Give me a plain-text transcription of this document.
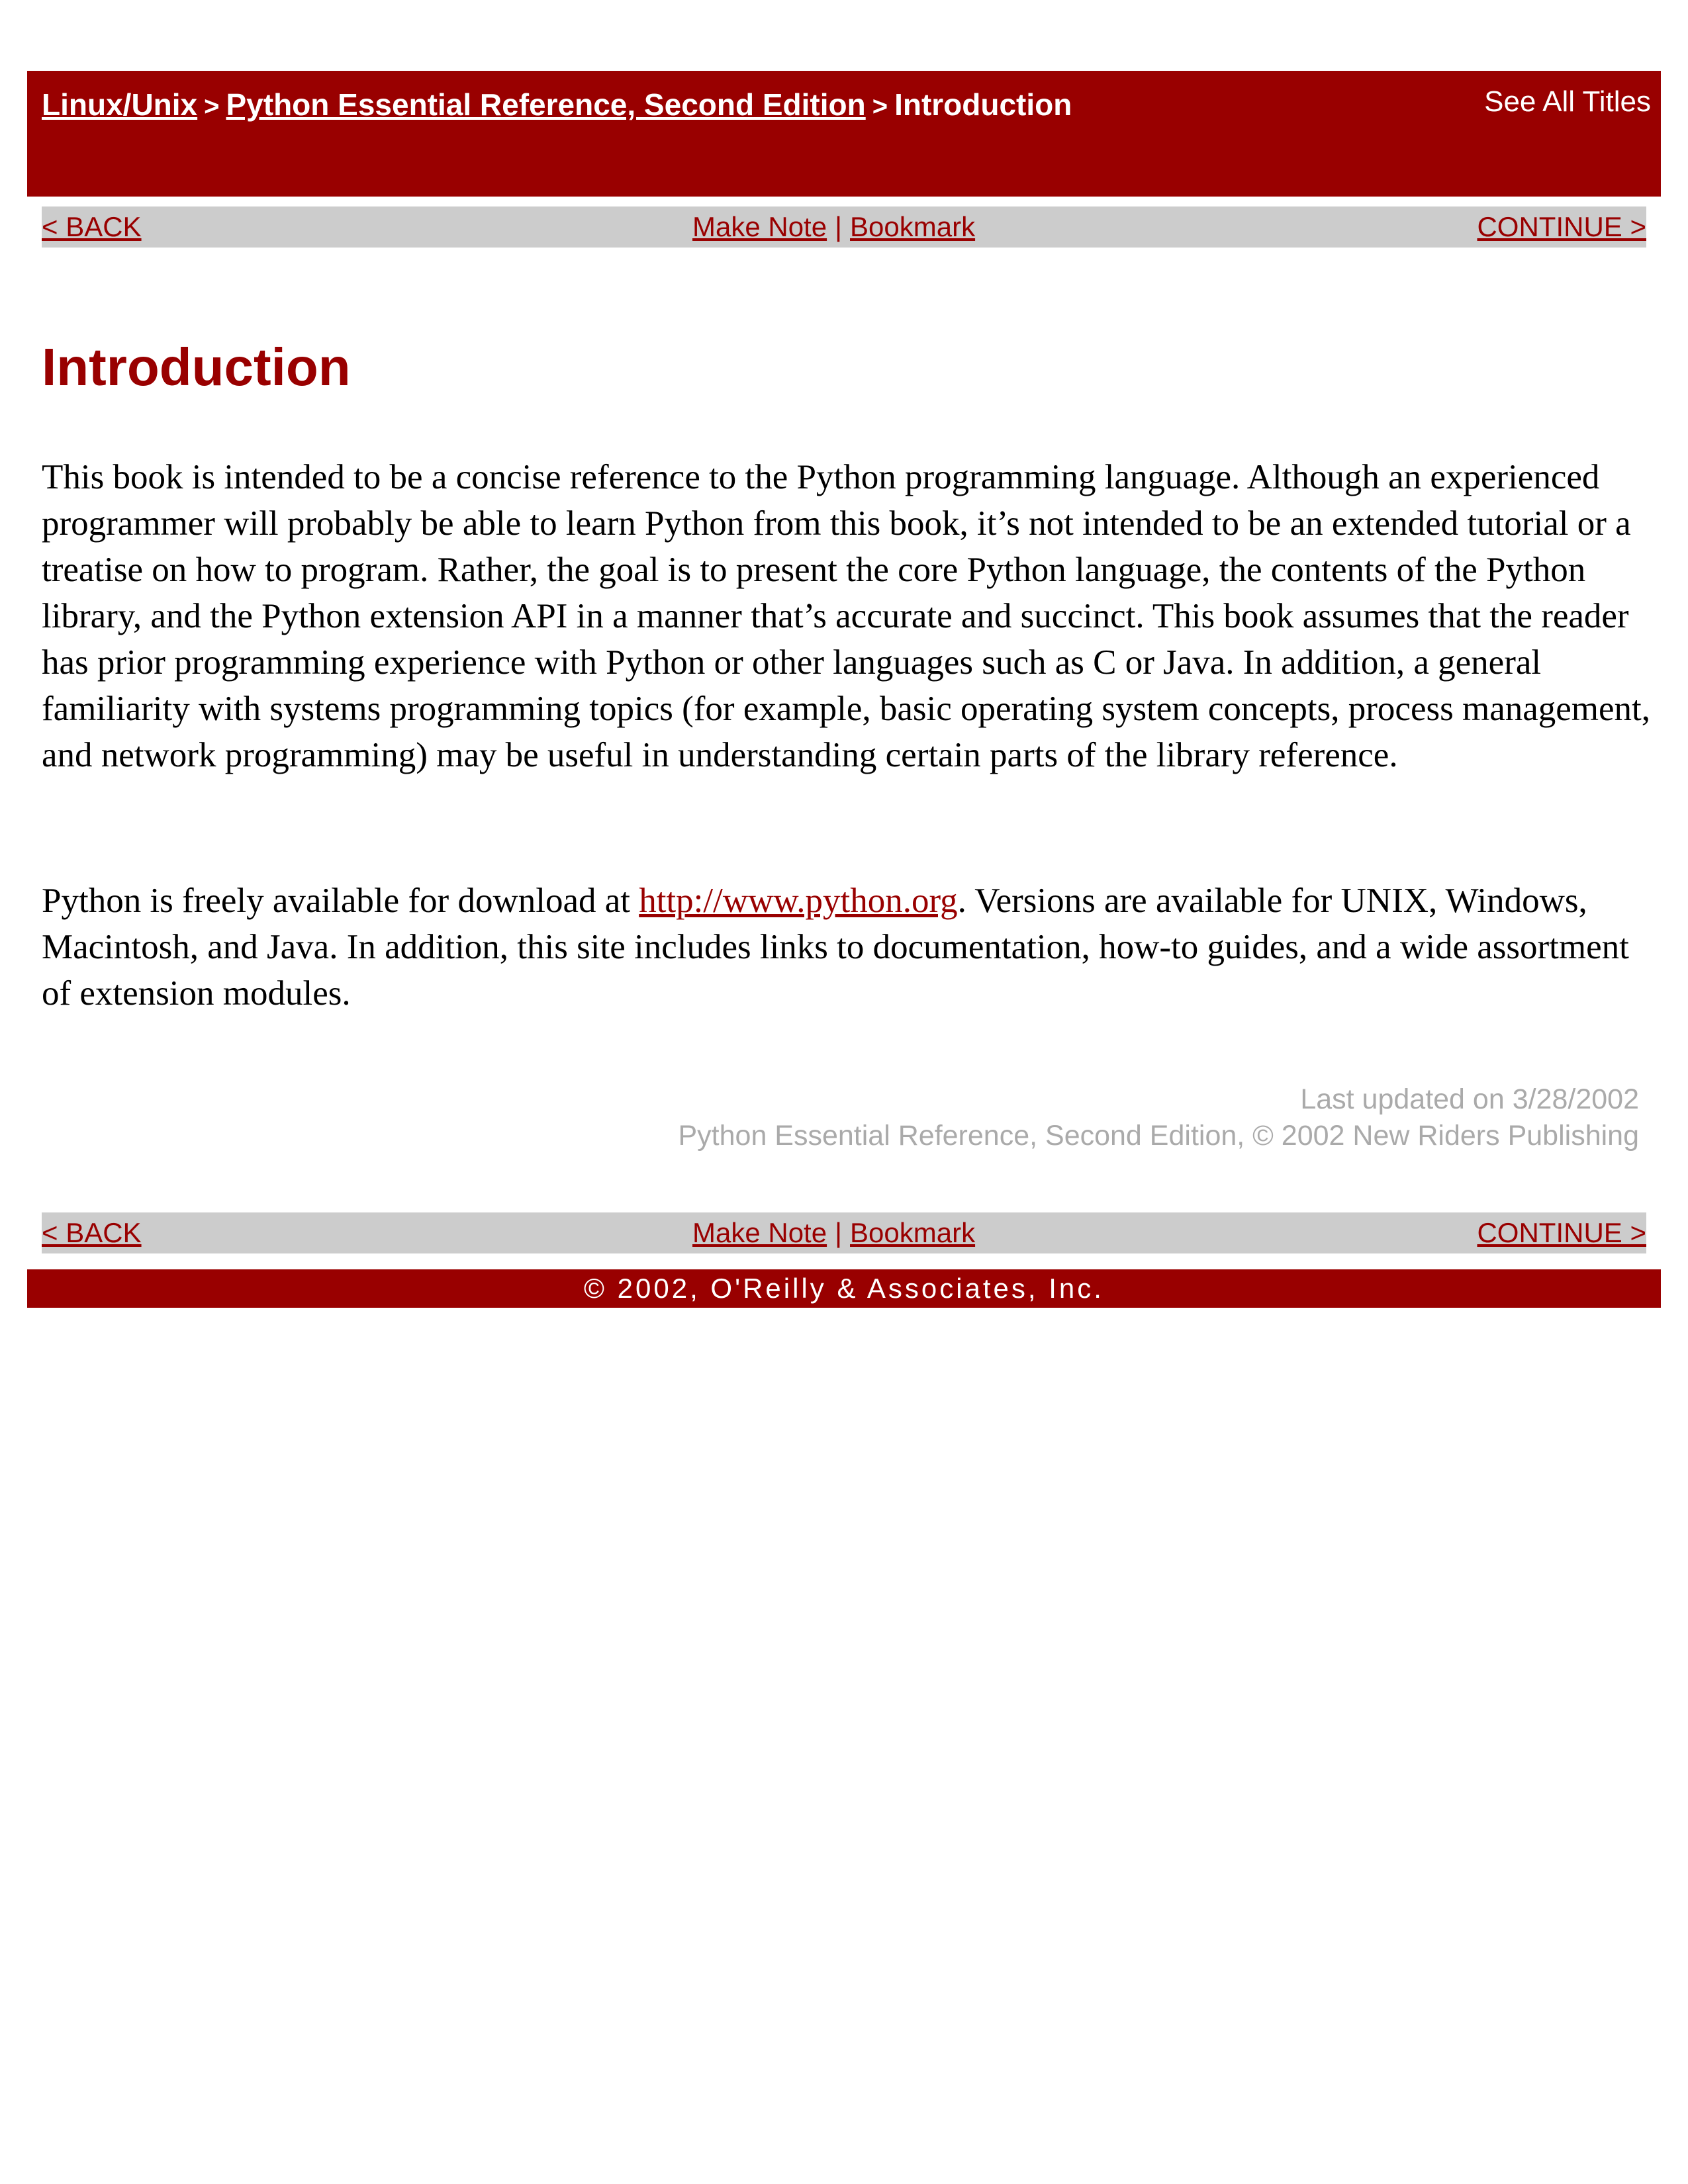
Linux/Unix > Python Essential Reference, Second Edition > Introduction	See All Titles
< BACK	Make Note | Bookmark	CONTINUE >
Introduction

This book is intended to be a concise reference to the Python programming language. Although an experienced programmer will probably be able to learn Python from this book, it’s not intended to be an extended tutorial or a treatise on how to program. Rather, the goal is to present the core Python language, the contents of the Python library, and the Python extension API in a manner that’s accurate and succinct. This book assumes that the reader has prior programming experience with Python or other languages such as C or Java. In addition, a general familiarity with systems programming topics (for example, basic operating system concepts, process management, and network programming) may be useful in understanding certain parts of the library reference.

Python is freely available for download at http://www.python.org. Versions are available for UNIX, Windows, Macintosh, and Java. In addition, this site includes links to documentation, how-to guides, and a wide assortment of extension modules.

Last updated on 3/28/2002
Python Essential Reference, Second Edition, © 2002 New Riders Publishing
< BACK	Make Note | Bookmark	CONTINUE >
© 2002, O'Reilly & Associates, Inc.
